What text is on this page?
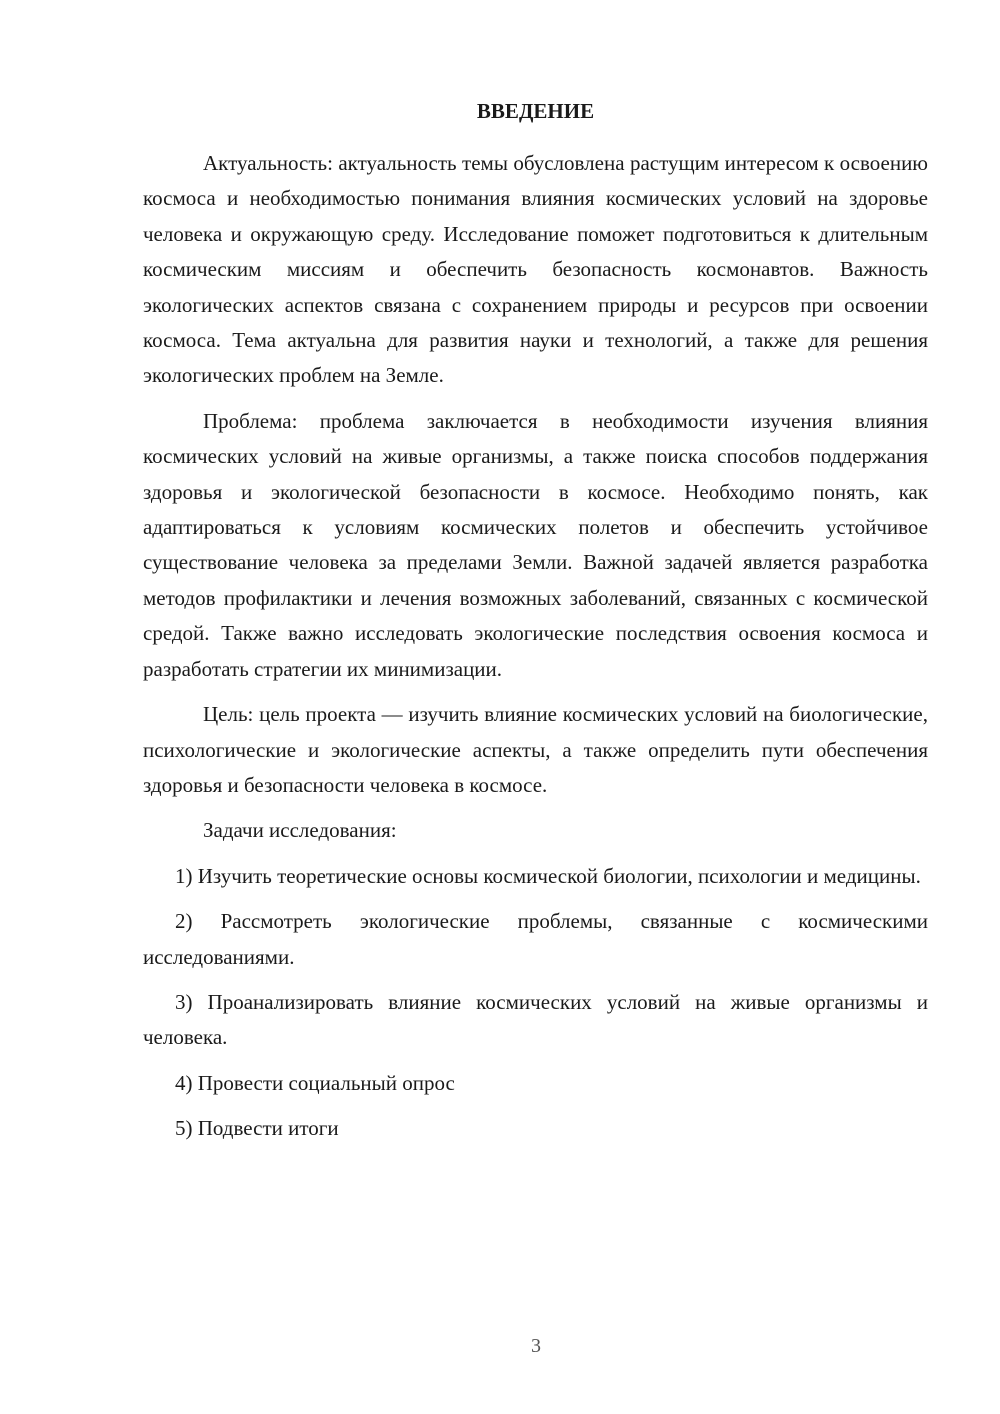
ВВЕДЕНИЕ

Актуальность: актуальность темы обусловлена растущим интересом к освоению космоса и необходимостью понимания влияния космических условий на здоровье человека и окружающую среду. Исследование поможет подготовиться к длительным космическим миссиям и обеспечить безопасность космонавтов. Важность экологических аспектов связана с сохранением природы и ресурсов при освоении космоса. Тема актуальна для развития науки и технологий, а также для решения экологических проблем на Земле.

Проблема: проблема заключается в необходимости изучения влияния космических условий на живые организмы, а также поиска способов поддержания здоровья и экологической безопасности в космосе. Необходимо понять, как адаптироваться к условиям космических полетов и обеспечить устойчивое существование человека за пределами Земли. Важной задачей является разработка методов профилактики и лечения возможных заболеваний, связанных с космической средой. Также важно исследовать экологические последствия освоения космоса и разработать стратегии их минимизации.

Цель: цель проекта — изучить влияние космических условий на биологические, психологические и экологические аспекты, а также определить пути обеспечения здоровья и безопасности человека в космосе.

Задачи исследования:

1) Изучить теоретические основы космической биологии, психологии и медицины.

2) Рассмотреть экологические проблемы, связанные с космическими исследованиями.

3) Проанализировать влияние космических условий на живые организмы и человека.

4) Провести социальный опрос

5) Подвести итоги

3
